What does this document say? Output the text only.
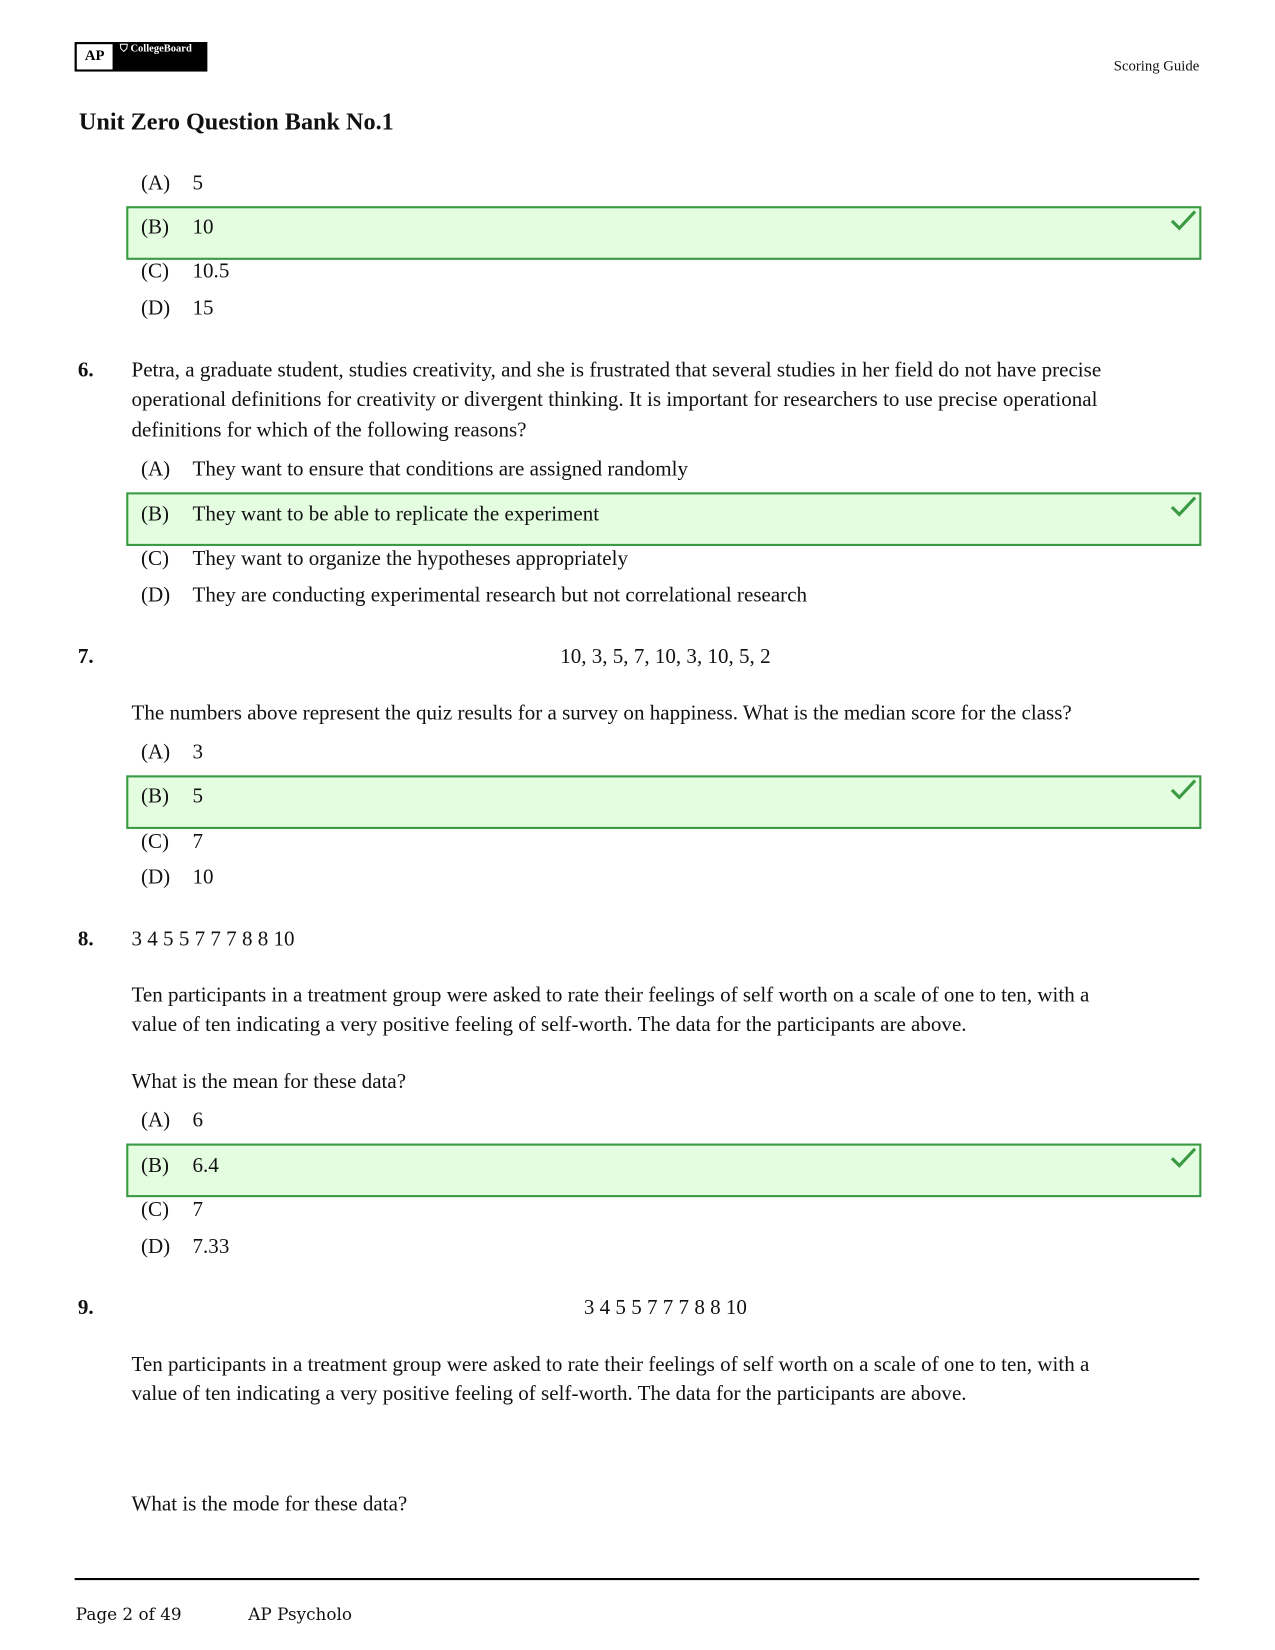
AP	⛉ CollegeBoard
Scoring Guide
Unit Zero Question Bank No.1
(A) 5
(B) 10
(C) 10.5
(D) 15
6. Petra, a graduate student, studies creativity, and she is frustrated that several studies in her field do not have precise
operational definitions for creativity or divergent thinking. It is important for researchers to use precise operational
definitions for which of the following reasons?
(A) They want to ensure that conditions are assigned randomly
(B) They want to be able to replicate the experiment
(C) They want to organize the hypotheses appropriately
(D) They are conducting experimental research but not correlational research
7.	10, 3, 5, 7, 10, 3, 10, 5, 2
The numbers above represent the quiz results for a survey on happiness. What is the median score for the class?
(A) 3
(B) 5
(C) 7
(D) 10
8. 3 4 5 5 7 7 7 8 8 10
Ten participants in a treatment group were asked to rate their feelings of self worth on a scale of one to ten, with a
value of ten indicating a very positive feeling of self-worth. The data for the participants are above.
What is the mean for these data?
(A) 6
(B) 6.4
(C) 7
(D) 7.33
9.	3 4 5 5 7 7 7 8 8 10
Ten participants in a treatment group were asked to rate their feelings of self worth on a scale of one to ten, with a
value of ten indicating a very positive feeling of self-worth. The data for the participants are above.
What is the mode for these data?
Page 2 of 49	AP Psycholo
